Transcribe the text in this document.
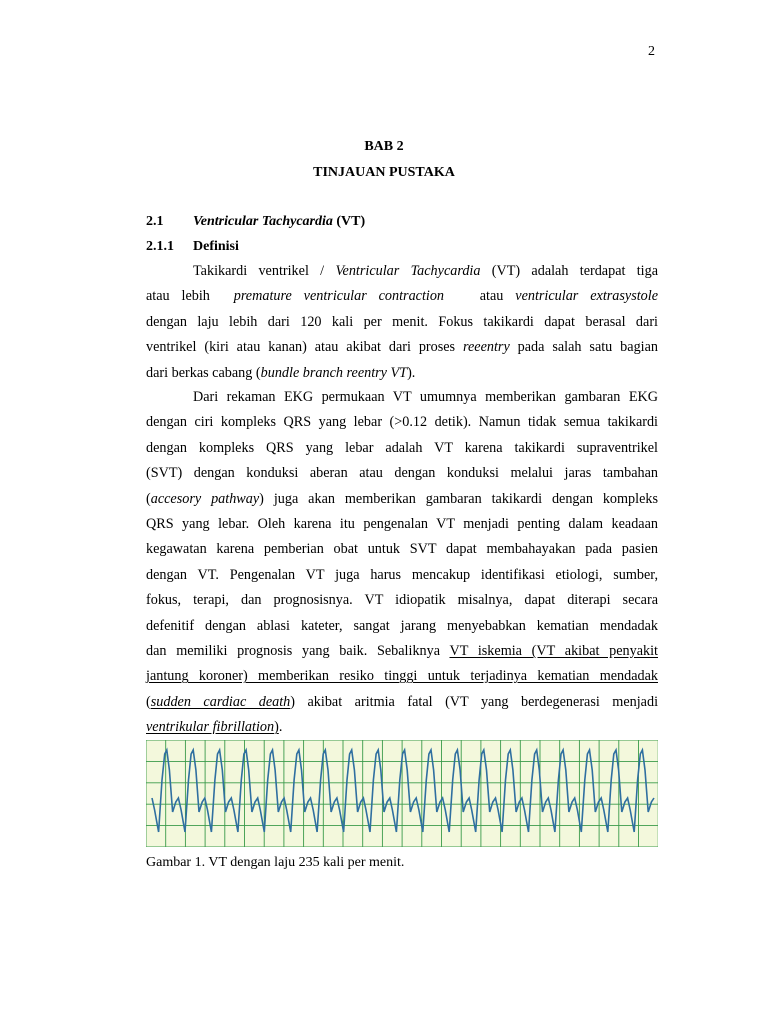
2
BAB 2
TINJAUAN PUSTAKA
2.1 Ventricular Tachycardia (VT)
2.1.1 Definisi
Takikardi ventrikel / Ventricular Tachycardia (VT) adalah terdapat tiga
atau lebih  premature ventricular contraction   atau ventricular extrasystole
dengan laju lebih dari 120 kali per menit. Fokus takikardi dapat berasal dari
ventrikel (kiri atau kanan) atau akibat dari proses reeentry pada salah satu bagian
dari berkas cabang (bundle branch reentry VT).
Dari rekaman EKG permukaan VT umumnya memberikan gambaran EKG
dengan ciri kompleks QRS yang lebar (>0.12 detik). Namun tidak semua takikardi
dengan kompleks QRS yang lebar adalah VT karena takikardi supraventrikel
(SVT) dengan konduksi aberan atau dengan konduksi melalui jaras tambahan
(accesory pathway) juga akan memberikan gambaran takikardi dengan kompleks
QRS yang lebar. Oleh karena itu pengenalan VT menjadi penting dalam keadaan
kegawatan karena pemberian obat untuk SVT dapat membahayakan pada pasien
dengan VT. Pengenalan VT juga harus mencakup identifikasi etiologi, sumber,
fokus, terapi, dan prognosisnya. VT idiopatik misalnya, dapat diterapi secara
defenitif dengan ablasi kateter, sangat jarang menyebabkan kematian mendadak
dan memiliki prognosis yang baik. Sebaliknya VT iskemia (VT akibat penyakit
jantung koroner) memberikan resiko tinggi untuk terjadinya kematian mendadak
(sudden cardiac death) akibat aritmia fatal (VT yang berdegenerasi menjadi
ventrikular fibrillation).
Gambar 1. VT dengan laju 235 kali per menit.
